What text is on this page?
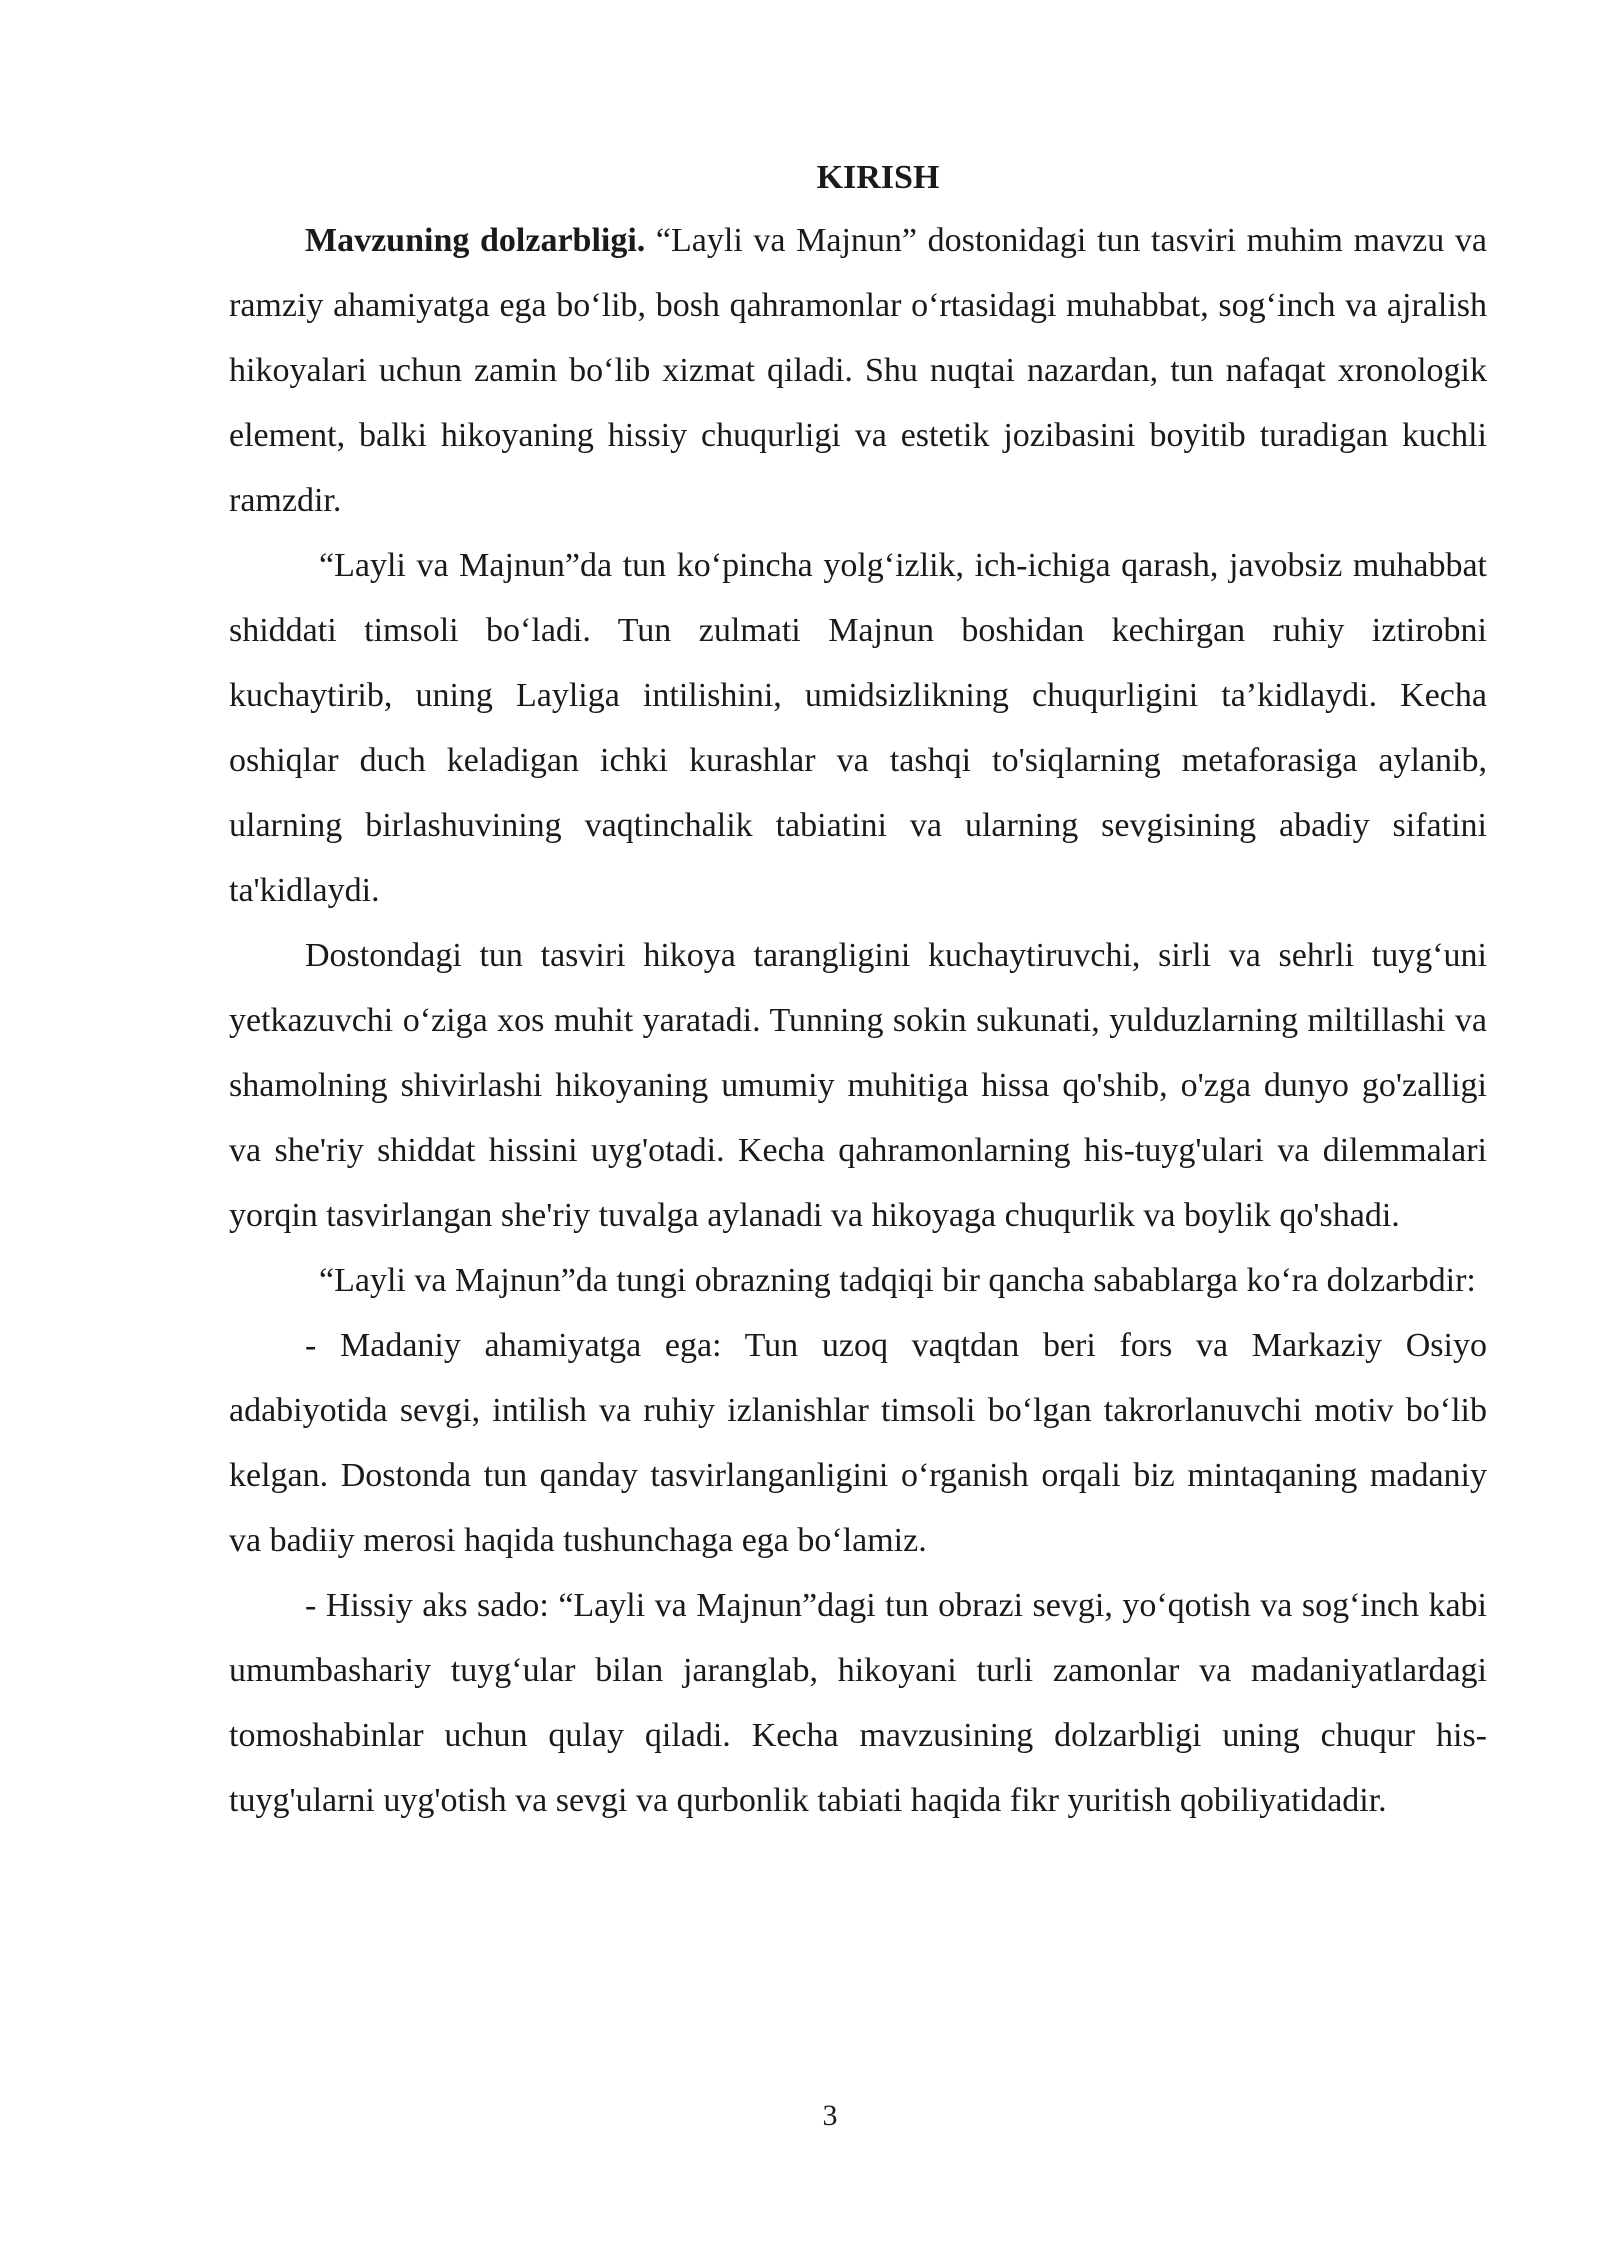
KIRISH

Mavzuning dolzarbligi. “Layli va Majnun” dostonidagi tun tasviri muhim mavzu va ramziy ahamiyatga ega bo‘lib, bosh qahramonlar o‘rtasidagi muhabbat, sog‘inch va ajralish hikoyalari uchun zamin bo‘lib xizmat qiladi. Shu nuqtai nazardan, tun nafaqat xronologik element, balki hikoyaning hissiy chuqurligi va estetik jozibasini boyitib turadigan kuchli ramzdir.

“Layli va Majnun”da tun ko‘pincha yolg‘izlik, ich-ichiga qarash, javobsiz muhabbat shiddati timsoli bo‘ladi. Tun zulmati Majnun boshidan kechirgan ruhiy iztirobni kuchaytirib, uning Layliga intilishini, umidsizlikning chuqurligini ta’kidlaydi. Kecha oshiqlar duch keladigan ichki kurashlar va tashqi to'siqlarning metaforasiga aylanib, ularning birlashuvining vaqtinchalik tabiatini va ularning sevgisining abadiy sifatini ta'kidlaydi.

Dostondagi tun tasviri hikoya tarangligini kuchaytiruvchi, sirli va sehrli tuyg‘uni yetkazuvchi o‘ziga xos muhit yaratadi. Tunning sokin sukunati, yulduzlarning miltillashi va shamolning shivirlashi hikoyaning umumiy muhitiga hissa qo'shib, o'zga dunyo go'zalligi va she'riy shiddat hissini uyg'otadi. Kecha qahramonlarning his-tuyg'ulari va dilemmalari yorqin tasvirlangan she'riy tuvalga aylanadi va hikoyaga chuqurlik va boylik qo'shadi.

“Layli va Majnun”da tungi obrazning tadqiqi bir qancha sabablarga ko‘ra dolzarbdir:

- Madaniy ahamiyatga ega: Tun uzoq vaqtdan beri fors va Markaziy Osiyo adabiyotida sevgi, intilish va ruhiy izlanishlar timsoli bo‘lgan takrorlanuvchi motiv bo‘lib kelgan. Dostonda tun qanday tasvirlanganligini o‘rganish orqali biz mintaqaning madaniy va badiiy merosi haqida tushunchaga ega bo‘lamiz.

- Hissiy aks sado: “Layli va Majnun”dagi tun obrazi sevgi, yo‘qotish va sog‘inch kabi umumbashariy tuyg‘ular bilan jaranglab, hikoyani turli zamonlar va madaniyatlardagi tomoshabinlar uchun qulay qiladi. Kecha mavzusining dolzarbligi uning chuqur his-tuyg'ularni uyg'otish va sevgi va qurbonlik tabiati haqida fikr yuritish qobiliyatidadir.

3
